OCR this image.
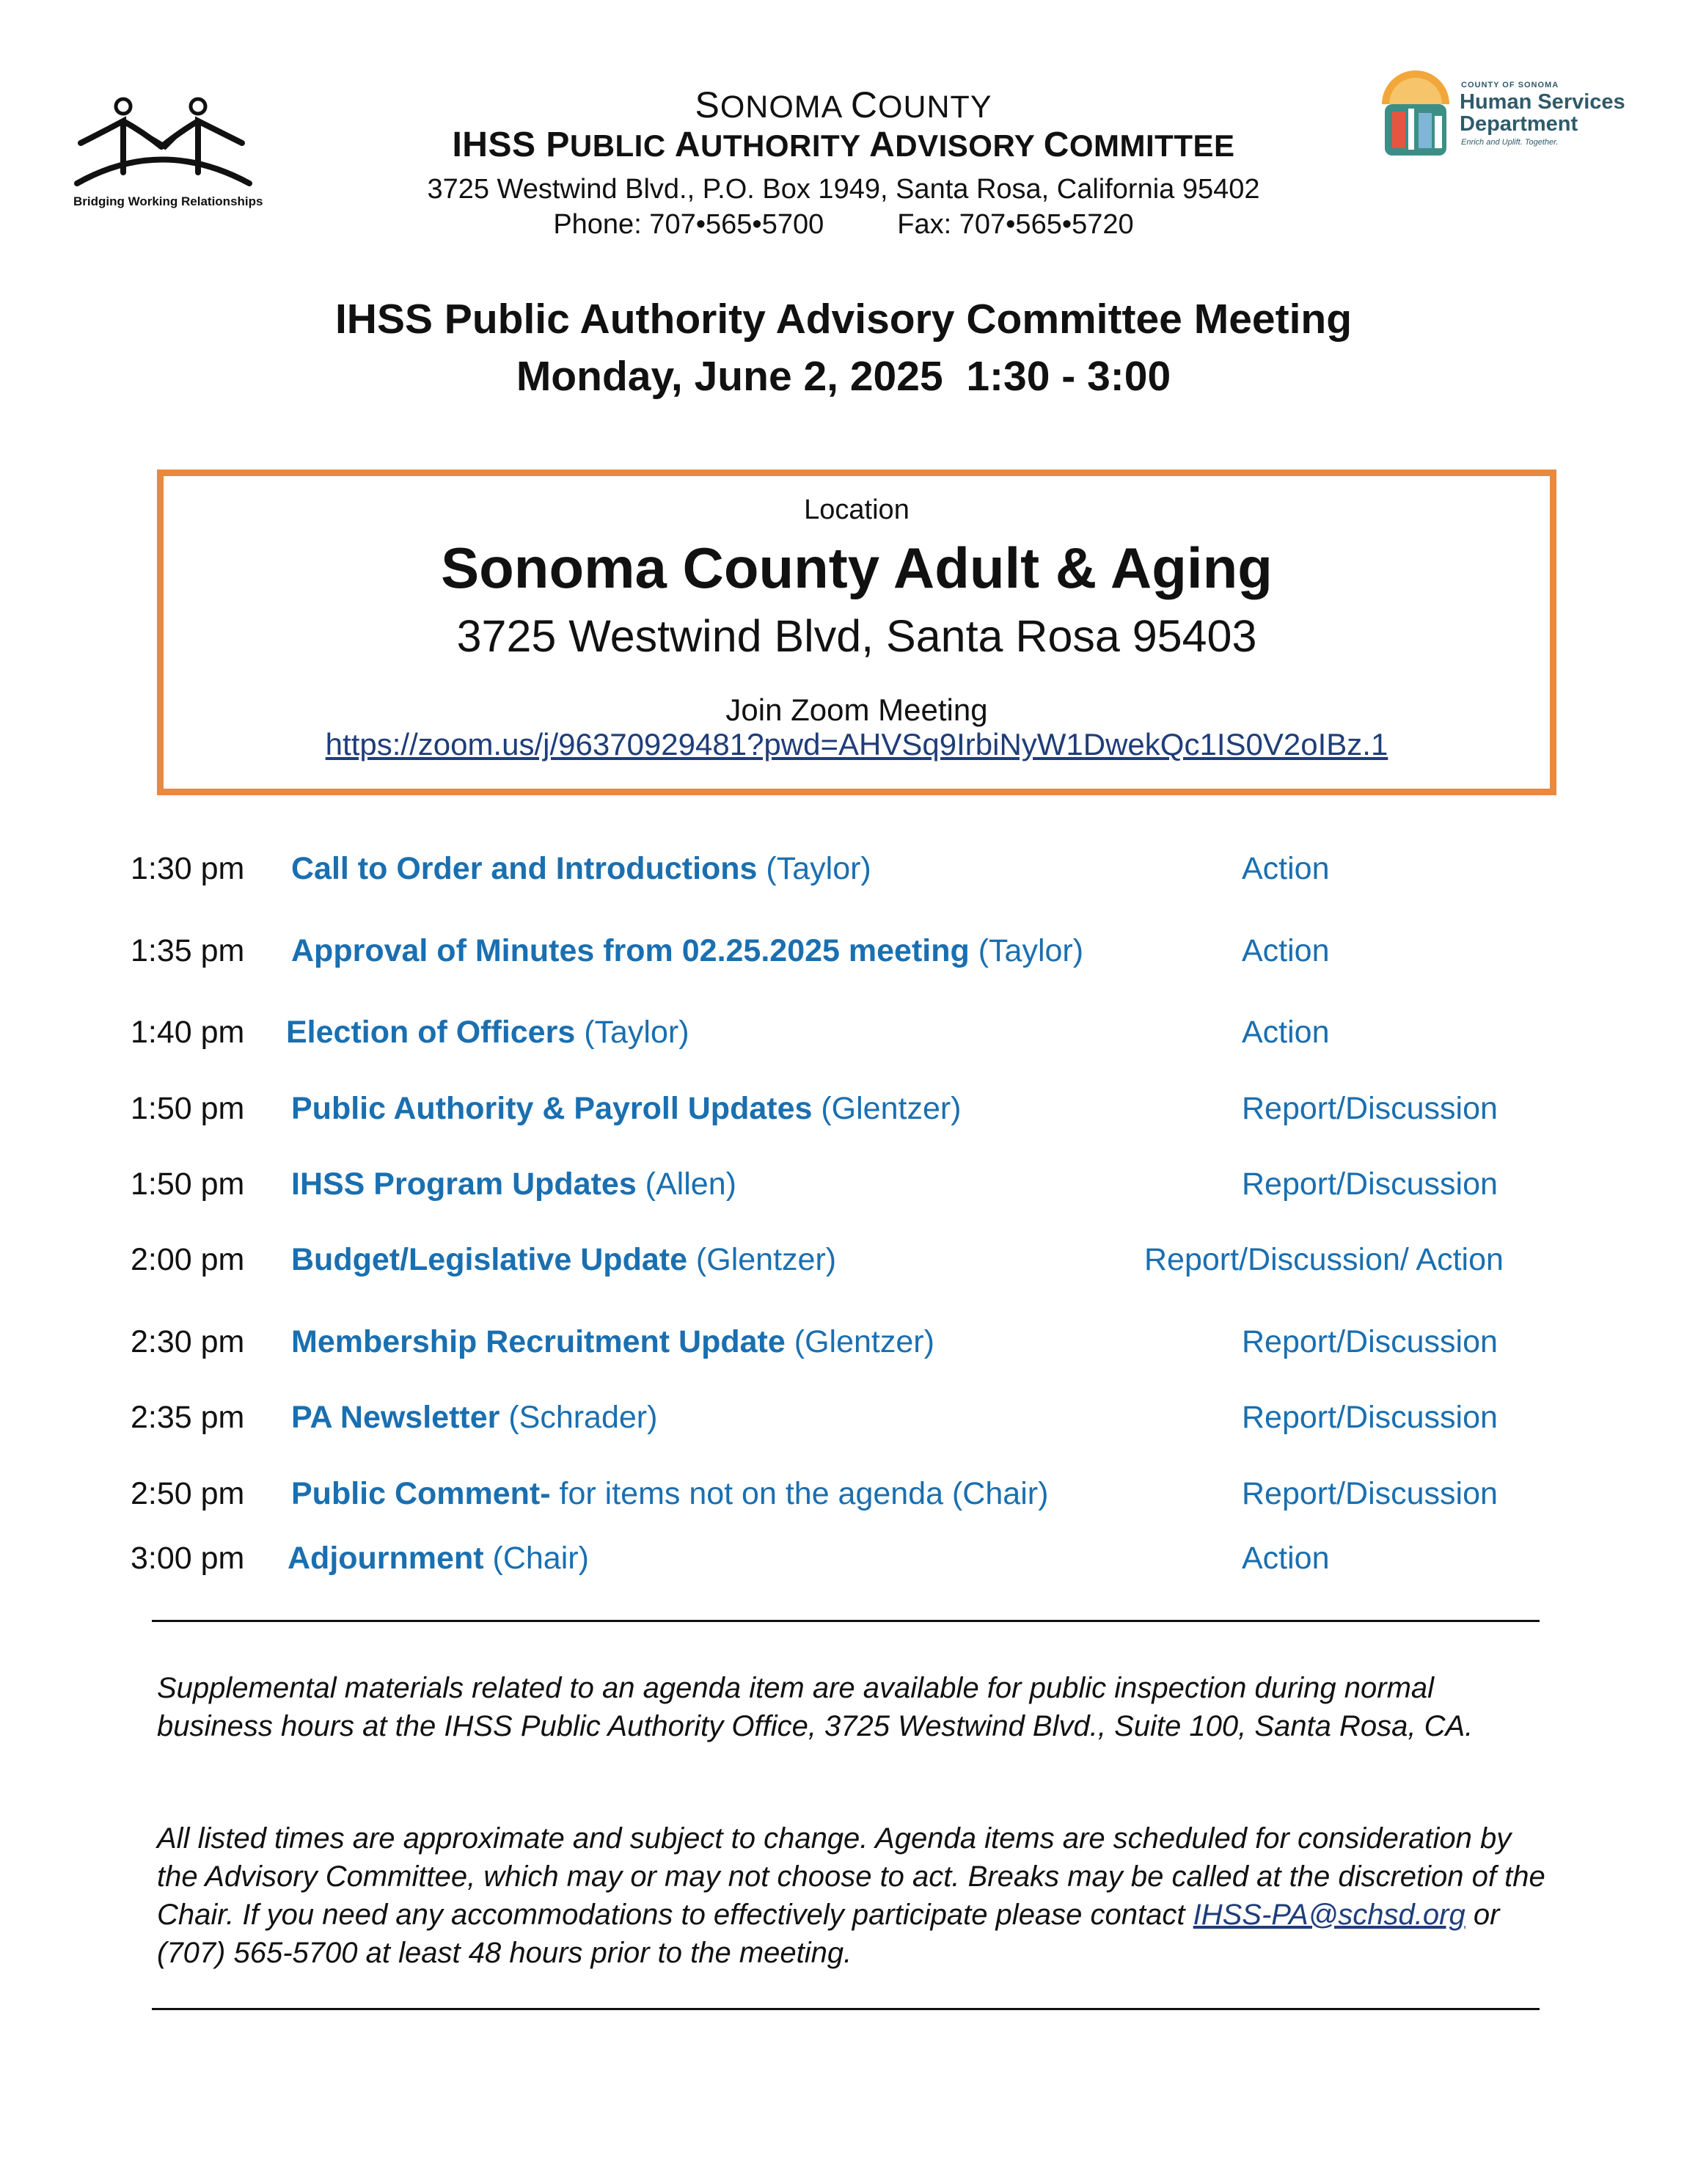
Bridging Working Relationships
SONOMA COUNTY
IHSS PUBLIC AUTHORITY ADVISORY COMMITTEE
3725 Westwind Blvd., P.O. Box 1949, Santa Rosa, California 95402
Phone: 707•565•5700	Fax: 707•565•5720
COUNTY OF SONOMA
Human Services
Department
Enrich and Uplift. Together.
IHSS Public Authority Advisory Committee Meeting
Monday, June 2, 2025  1:30 - 3:00
Location
Sonoma County Adult & Aging
3725 Westwind Blvd, Santa Rosa 95403
Join Zoom Meeting
https://zoom.us/j/96370929481?pwd=AHVSq9IrbiNyW1DwekQc1IS0V2oIBz.1
1:30 pm Call to Order and Introductions (Taylor)	Action
1:35 pm Approval of Minutes from 02.25.2025 meeting (Taylor)	Action
1:40 pm Election of Officers (Taylor)	Action
1:50 pm Public Authority & Payroll Updates (Glentzer)	Report/Discussion
1:50 pm IHSS Program Updates (Allen)	Report/Discussion
2:00 pm Budget/Legislative Update (Glentzer)	Report/Discussion/ Action
2:30 pm Membership Recruitment Update (Glentzer)	Report/Discussion
2:35 pm PA Newsletter (Schrader)	Report/Discussion
2:50 pm Public Comment- for items not on the agenda (Chair)	Report/Discussion
3:00 pm Adjournment (Chair)	Action
Supplemental materials related to an agenda item are available for public inspection during normal business hours at the IHSS Public Authority Office, 3725 Westwind Blvd., Suite 100, Santa Rosa, CA.
All listed times are approximate and subject to change. Agenda items are scheduled for consideration by the Advisory Committee, which may or may not choose to act. Breaks may be called at the discretion of the Chair. If you need any accommodations to effectively participate please contact IHSS-PA@schsd.org or (707) 565-5700 at least 48 hours prior to the meeting.
